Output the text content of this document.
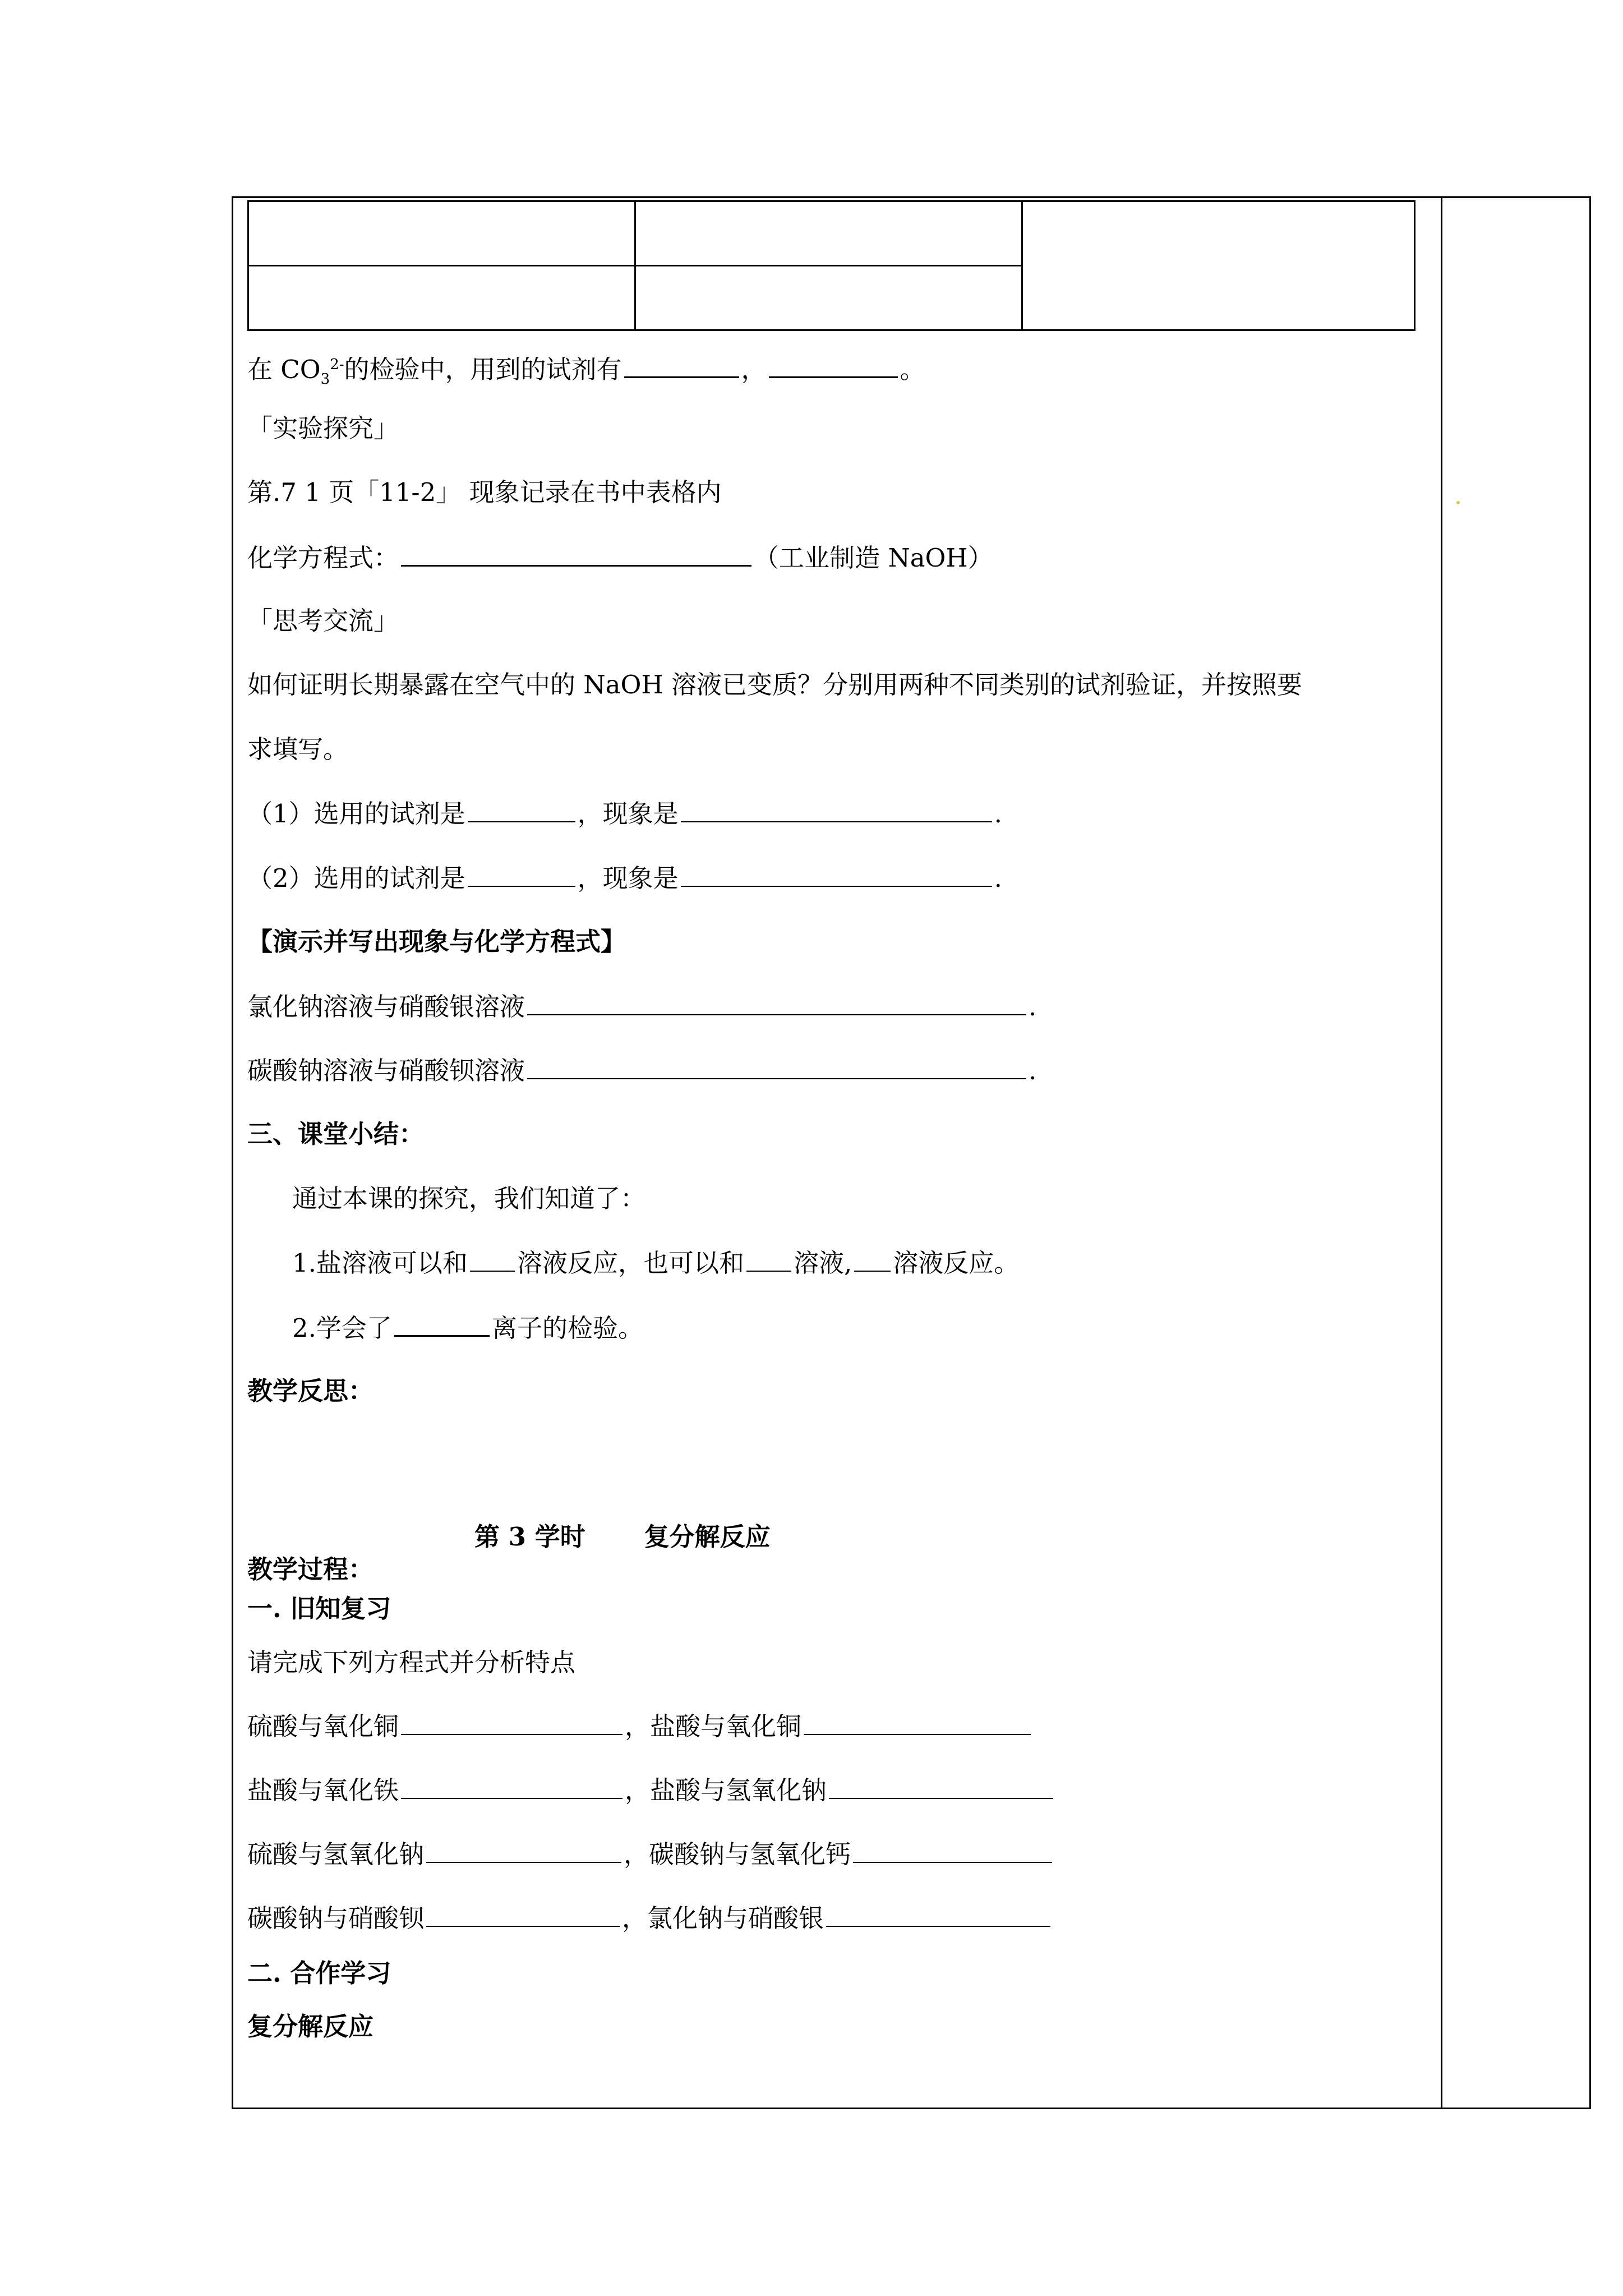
在 $CO_3^{2-}$的检验中，用到的试剂有	，	。
「实验探究」
第.7 1 页「11-2」 现象记录在书中表格内
化学方程式：	（工业制造 NaOH）
「思考交流」
如何证明长期暴露在空气中的 NaOH 溶液已变质？分别用两种不同类别的试剂验证，并按照要
求填写。
（1）选用的试剂是	，现象是	.
（2）选用的试剂是	，现象是	.
【演示并写出现象与化学方程式】
氯化钠溶液与硝酸银溶液	.
碳酸钠溶液与硝酸钡溶液	.
三、课堂小结：
通过本课的探究，我们知道了：
1.盐溶液可以和 溶液反应，也可以和 溶液, 溶液反应。
2.学会了	离子的检验。
教学反思：
第 3 学时 复分解反应
教学过程：
一. 旧知复习
请完成下列方程式并分析特点
硫酸与氧化铜	，盐酸与氧化铜
盐酸与氧化铁	，盐酸与氢氧化钠
硫酸与氢氧化钠	，碳酸钠与氢氧化钙
碳酸钠与硝酸钡	，氯化钠与硝酸银
二. 合作学习
复分解反应
